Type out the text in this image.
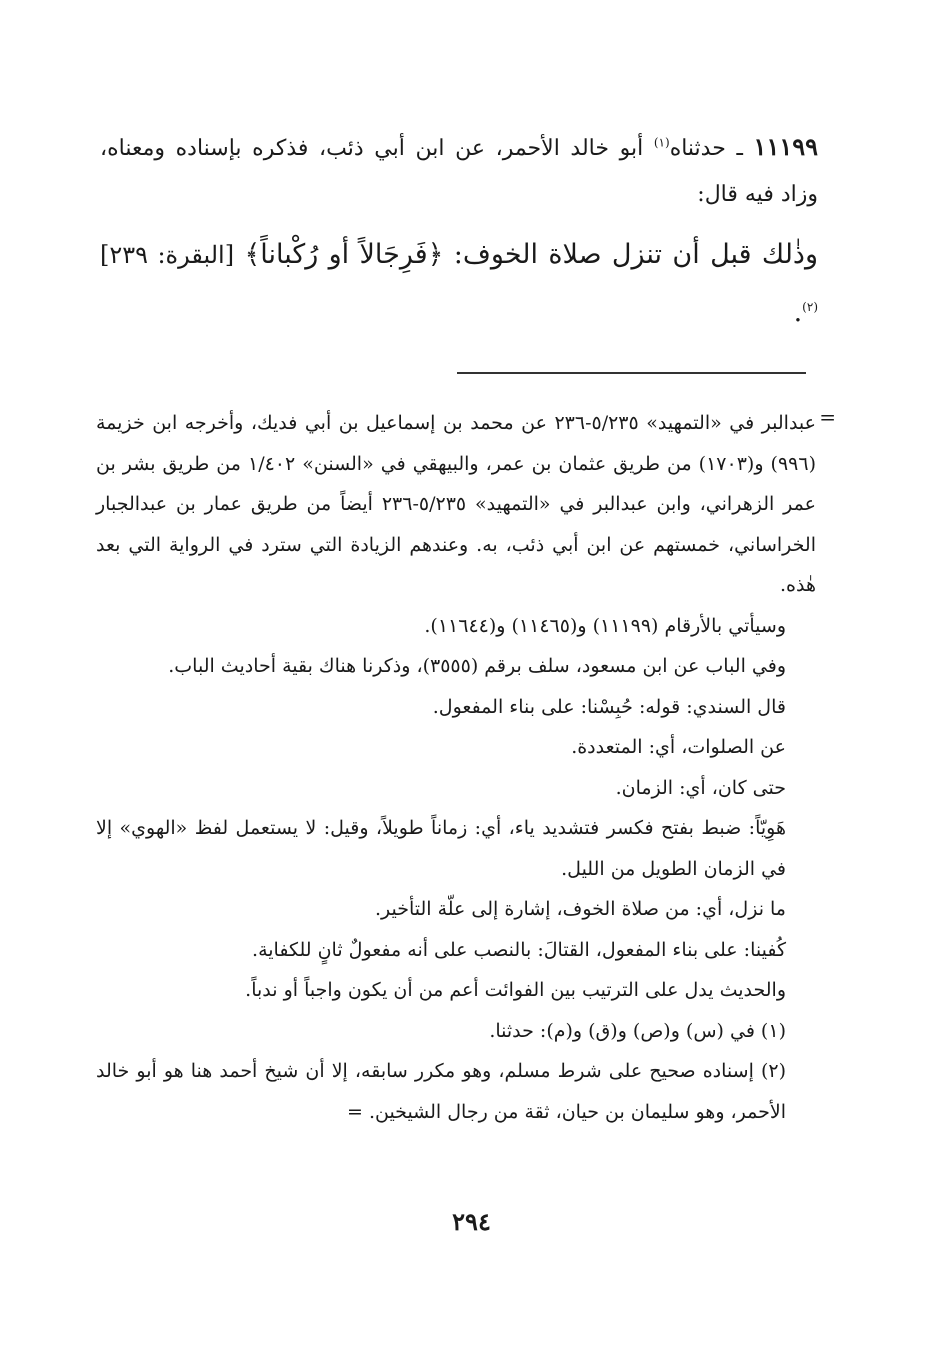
١١١٩٩ ـ حدثناه$^{(١)}$ أبو خالد الأحمر، عن ابن أبي ذئب، فذكره بإسناده ومعناه، وزاد فيه قال:
وذٰلك قبل أن تنزل صلاة الخوف: ﴿فَرِجَالاً أو رُكْباناً﴾ [البقرة: ٢٣٩]$^{(٢)}$.

عبدالبر في «التمهيد» ٥/٢٣٥-٢٣٦ عن محمد بن إسماعيل بن أبي فديك، وأخرجه ابن خزيمة (٩٩٦) و(١٧٠٣) من طريق عثمان بن عمر، والبيهقي في «السنن» ١/٤٠٢ من طريق بشر بن عمر الزهراني، وابن عبدالبر في «التمهيد» ٥/٢٣٥-٢٣٦ أيضاً من طريق عمار بن عبدالجبار الخراساني، خمستهم عن ابن أبي ذئب، به. وعندهم الزيادة التي سترد في الرواية التي بعد هٰذه.

وسيأتي بالأرقام (١١١٩٩) و(١١٤٦٥) و(١١٦٤٤).

وفي الباب عن ابن مسعود، سلف برقم (٣٥٥٥)، وذكرنا هناك بقية أحاديث الباب.

قال السندي: قوله: حُبِسْنا: على بناء المفعول.

عن الصلوات، أي: المتعددة.

حتى كان، أي: الزمان.

هَوِيّاً: ضبط بفتح فكسر فتشديد ياء، أي: زماناً طويلاً، وقيل: لا يستعمل لفظ «الهوي» إلا في الزمان الطويل من الليل.

ما نزل، أي: من صلاة الخوف، إشارة إلى علّة التأخير.

كُفينا: على بناء المفعول، القتالَ: بالنصب على أنه مفعولٌ ثانٍ للكفاية.

والحديث يدل على الترتيب بين الفوائت أعم من أن يكون واجباً أو ندباً.

(١) في (س) و(ص) و(ق) و(م): حدثنا.

(٢) إسناده صحيح على شرط مسلم، وهو مكرر سابقه، إلا أن شيخ أحمد هنا هو أبو خالد الأحمر، وهو سليمان بن حيان، ثقة من رجال الشيخين. =

=
٢٩٤
